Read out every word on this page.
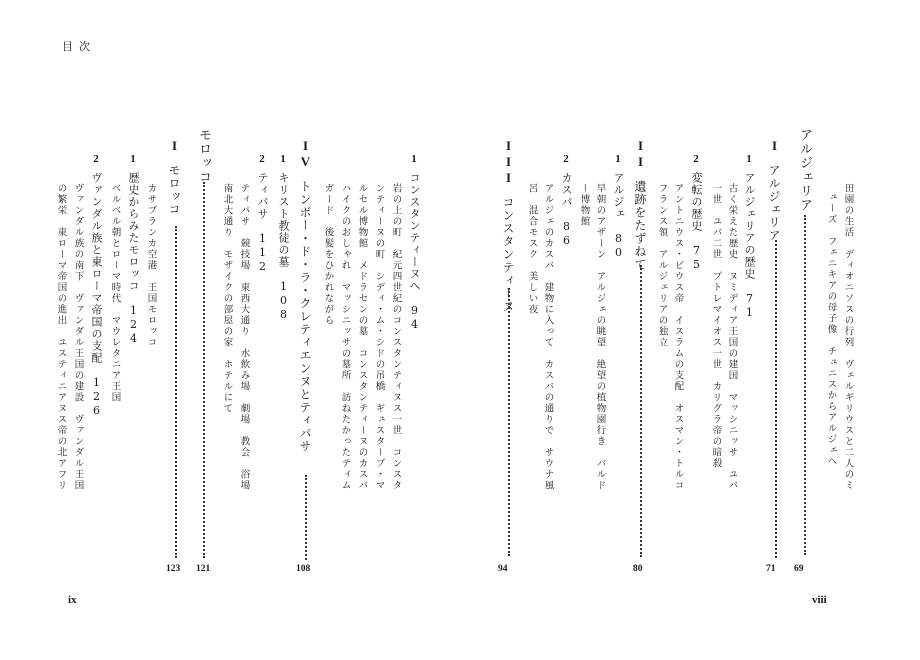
目次
ix	viii
田園の生活　ディオニソスの行列　ヴェルギリウスと二人のミ
ューズ　フェニキアの母子像　チュニスからアルジェへ
アルジェリア
69
Iアルジェリア
71
1アルジェリアの歴史　71
古く栄えた歴史　ヌミディア王国の建国　マッシニッサ　ユバ
一世　ユバ二世　プトレマイオス一世　カリグラ帝の暗殺
2変転の歴史　75
アントニウス・ピウス帝　イスラムの支配　オスマン・トルコ
フランス領　アルジェリアの独立
II遺跡をたずねて
80
1アルジェ　80
早朝のアザーン　アルジェの眺望　絶望の植物園行き　バルド
ー博物館
2カスバ　86
アルジェのカスバ　建物に入って　カスバの通りで　サウナ風
呂　混合モスク　美しい夜
IIIコンスタンティーヌ
94
1コンスタンティーヌへ　94
岩の上の町　紀元四世紀のコンスタンティヌス一世　コンスタ
ンティーヌの町　シディ・ム・シドの吊橋　ギュスターブ・マ
ルセル博物館　メドラセンの墓　コンスタンティーヌのカスバ
ハイクのおしゃれ　マッシニッサの墓所　訪ねたかったティム
ガード　後髪をひかれながら
IVトンボー・ド・ラ・クレティエンヌとティパサ
108
1キリスト教徒の墓　108
2ティパサ　112
ティパサ　競技場　東西大通り　水飲み場　劇場　教会　浴場
南北大通り　モザイクの部屋の家　ホテルにて
モロッコ
121
Iモロッコ
123
カサブランカ空港　王国モロッコ
1歴史からみたモロッコ　124
ベルベル朝とローマ時代　マウレタニア王国
2ヴァンダル族と東ローマ帝国の支配　126
ヴァンダル族の南下　ヴァンダル王国の建設　ヴァンダル王国
の繁栄　東ローマ帝国の進出　ユスティニアヌス帝の北アフリ
